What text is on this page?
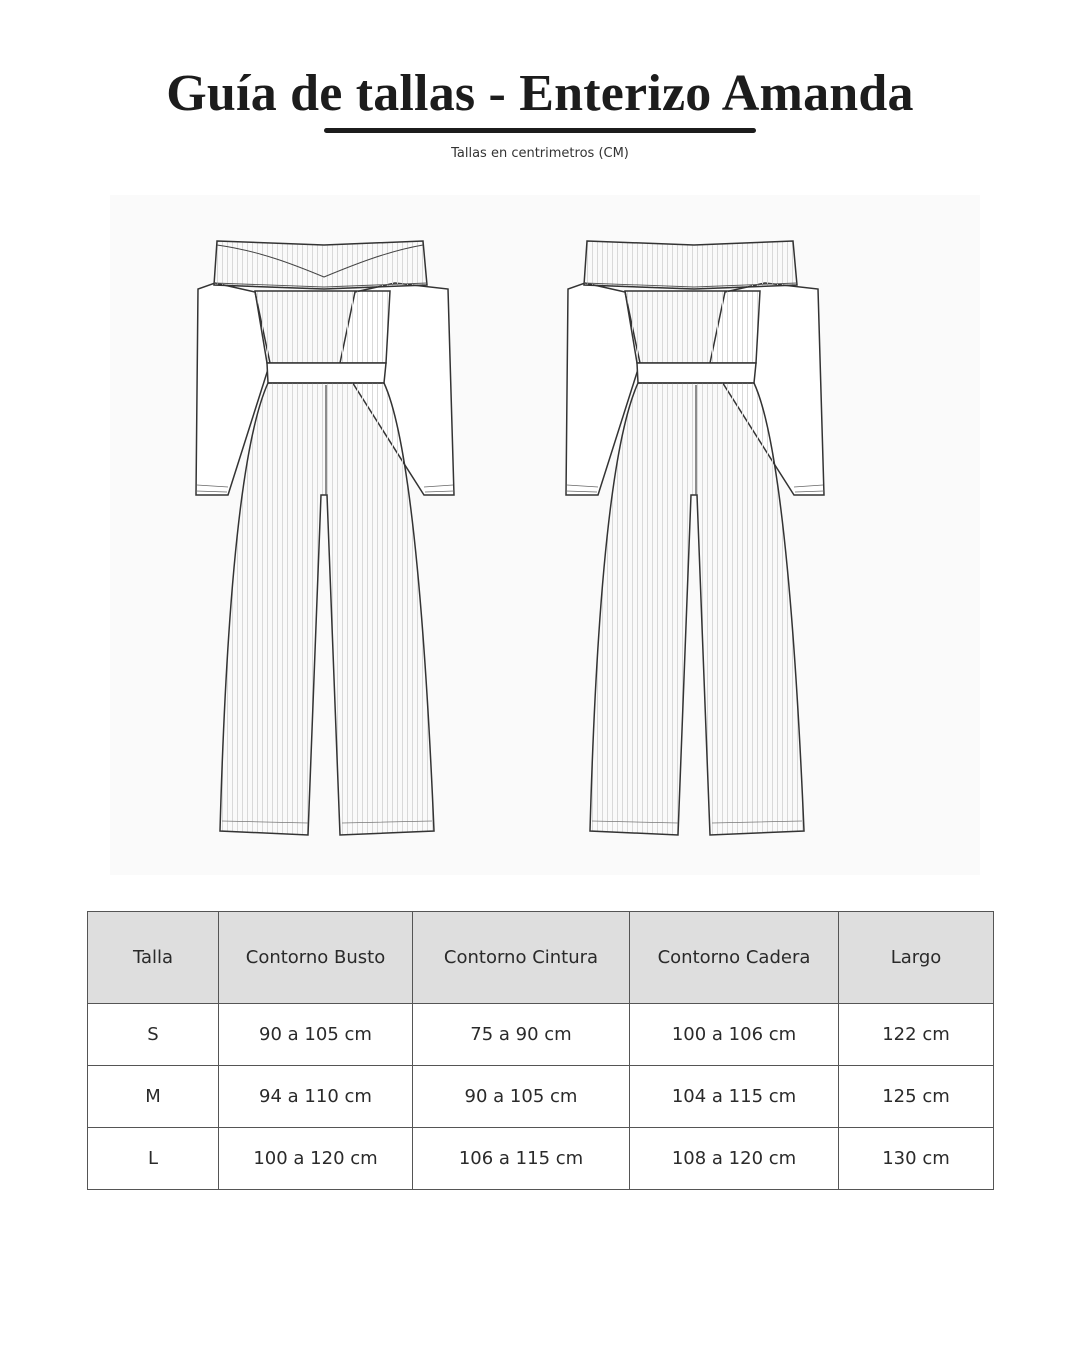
Guía de tallas - Enterizo Amanda
Tallas en centrimetros (CM)
Talla	Contorno Busto	Contorno Cintura	Contorno Cadera	Largo
S	90 a 105 cm	75 a 90 cm	100 a 106 cm	122 cm
M	94 a 110 cm	90 a 105 cm	104 a 115 cm	125 cm
L	100 a 120 cm	106 a 115 cm	108 a 120 cm	130 cm
